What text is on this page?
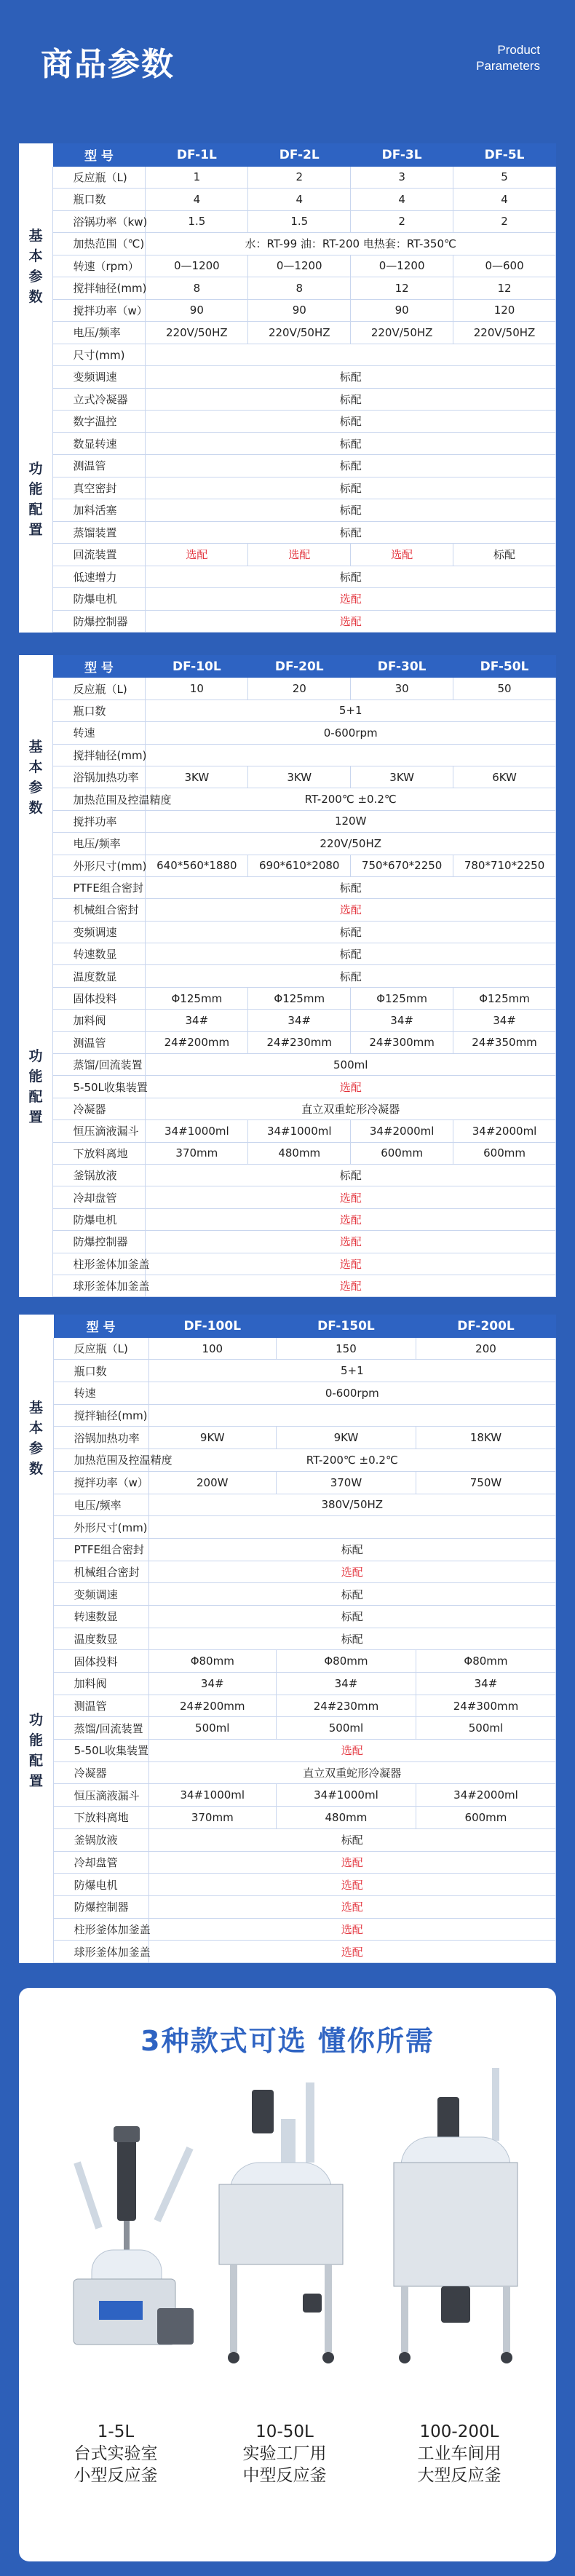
商品参数	Product
Parameters
	型 号	DF-1L	DF-2L	DF-3L	DF-5L

基
本
参
数	反应瓶（L)	1	2	3	5
	瓶口数	4	4	4	4
	浴锅功率（kw)	1.5	1.5	2	2
	加热范围（℃)	水：RT-99 油：RT-200 电热套：RT-350℃			
	转速（rpm）	0—1200	0—1200	0—1200	0—600
	搅拌轴径(mm)	8	8	12	12
	搅拌功率（w）	90	90	90	120
	电压/频率	220V/50HZ	220V/50HZ	220V/50HZ	220V/50HZ
	尺寸(mm)				

功
能
配
置	变频调速	标配			
	立式冷凝器	标配			
	数字温控	标配			
	数显转速	标配			
	测温管	标配			
	真空密封	标配			
	加料活塞	标配			
	蒸馏装置	标配			
	回流装置	选配	选配	选配	标配
	低速增力	标配			
	防爆电机	选配			
	防爆控制器	选配			
	型 号	DF-10L	DF-20L	DF-30L	DF-50L

基
本
参
数	反应瓶（L)	10	20	30	50
	瓶口数	5+1			
	转速	0-600rpm			
	搅拌轴径(mm)				
	浴锅加热功率	3KW	3KW	3KW	6KW
	加热范围及控温精度	RT-200℃ ±0.2℃			
	搅拌功率	120W			
	电压/频率	220V/50HZ			
	外形尺寸(mm)	640*560*1880	690*610*2080	750*670*2250	780*710*2250

功
能
配
置	PTFE组合密封	标配			
	机械组合密封	选配			
	变频调速	标配			
	转速数显	标配			
	温度数显	标配			
	固体投料	Φ125mm	Φ125mm	Φ125mm	Φ125mm
	加料阀	34#	34#	34#	34#
	测温管	24#200mm	24#230mm	24#300mm	24#350mm
	蒸馏/回流装置	500ml			
	5-50L收集装置	选配			
	冷凝器	直立双重蛇形冷凝器			
	恒压滴液漏斗	34#1000ml	34#1000ml	34#2000ml	34#2000ml
	下放料离地	370mm	480mm	600mm	600mm
	釜锅放液	标配			
	冷却盘管	选配			
	防爆电机	选配			
	防爆控制器	选配			
	柱形釜体加釜盖	选配			
	球形釜体加釜盖	选配			
	型 号	DF-100L	DF-150L	DF-200L

基
本
参
数	反应瓶（L)	100	150	200
	瓶口数	5+1		
	转速	0-600rpm		
	搅拌轴径(mm)			
	浴锅加热功率	9KW	9KW	18KW
	加热范围及控温精度	RT-200℃ ±0.2℃		
	搅拌功率（w）	200W	370W	750W
	电压/频率	380V/50HZ		
	外形尺寸(mm)			

功
能
配
置	PTFE组合密封	标配		
	机械组合密封	选配		
	变频调速	标配		
	转速数显	标配		
	温度数显	标配		
	固体投料	Φ80mm	Φ80mm	Φ80mm
	加料阀	34#	34#	34#
	测温管	24#200mm	24#230mm	24#300mm
	蒸馏/回流装置	500ml	500ml	500ml
	5-50L收集装置	选配		
	冷凝器	直立双重蛇形冷凝器		
	恒压滴液漏斗	34#1000ml	34#1000ml	34#2000ml
	下放料离地	370mm	480mm	600mm
	釜锅放液	标配		
	冷却盘管	选配		
	防爆电机	选配		
	防爆控制器	选配		
	柱形釜体加釜盖	选配		
	球形釜体加釜盖	选配		
3种款式可选 懂你所需
1-5L
台式实验室
小型反应釜
10-50L
实验工厂用
中型反应釜
100-200L
工业车间用
大型反应釜
